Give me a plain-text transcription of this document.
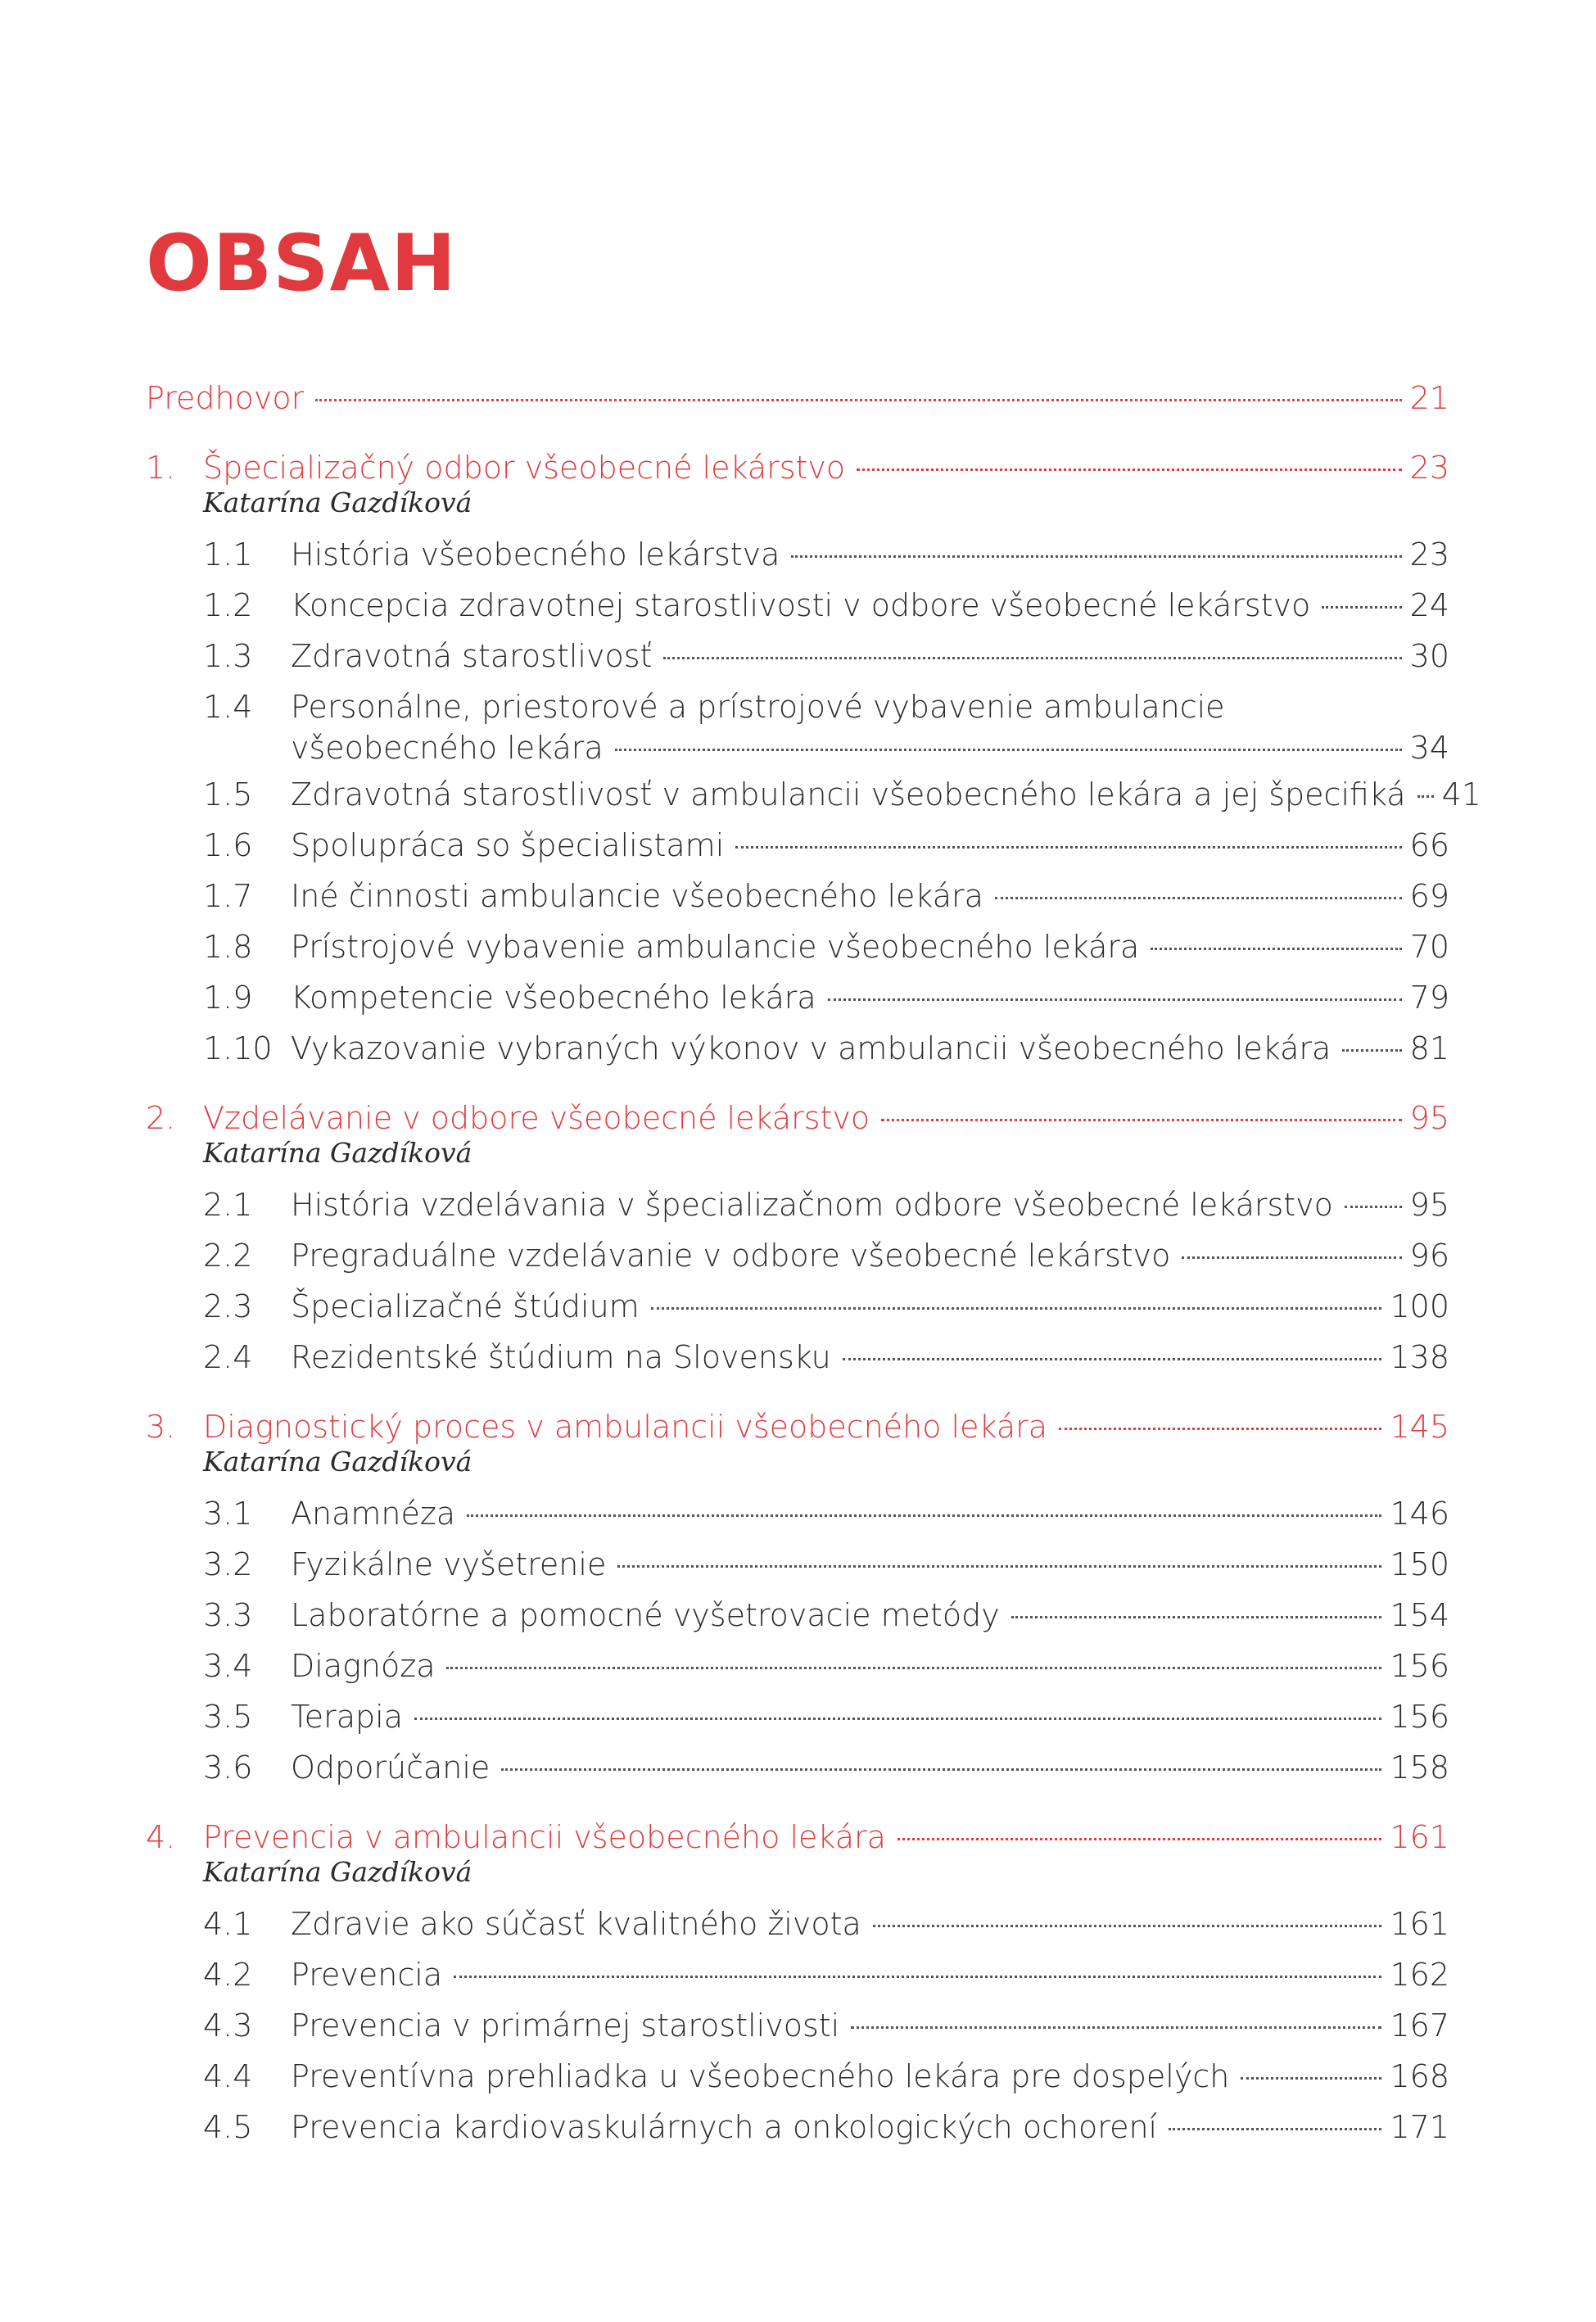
OBSAH
Predhovor	21
1. Špecializačný odbor všeobecné lekárstvo	23
Katarína Gazdíková
1.1	História všeobecného lekárstva	23
1.2	Koncepcia zdravotnej starostlivosti v odbore všeobecné lekárstvo	24
1.3	Zdravotná starostlivosť	30
1.4	Personálne, priestorové a prístrojové vybavenie ambulancie
všeobecného lekára	34
1.5	Zdravotná starostlivosť v ambulancii všeobecného lekára a jej špecifiká	41
1.6	Spolupráca so špecialistami	66
1.7	Iné činnosti ambulancie všeobecného lekára	69
1.8	Prístrojové vybavenie ambulancie všeobecného lekára	70
1.9	Kompetencie všeobecného lekára	79
1.10 Vykazovanie vybraných výkonov v ambulancii všeobecného lekára	81
2. Vzdelávanie v odbore všeobecné lekárstvo	95
Katarína Gazdíková
2.1	História vzdelávania v špecializačnom odbore všeobecné lekárstvo	95
2.2	Pregraduálne vzdelávanie v odbore všeobecné lekárstvo	96
2.3	Špecializačné štúdium	100
2.4	Rezidentské štúdium na Slovensku	138
3. Diagnostický proces v ambulancii všeobecného lekára	145
Katarína Gazdíková
3.1	Anamnéza	146
3.2	Fyzikálne vyšetrenie	150
3.3	Laboratórne a pomocné vyšetrovacie metódy	154
3.4	Diagnóza	156
3.5	Terapia	156
3.6	Odporúčanie	158
4. Prevencia v ambulancii všeobecného lekára	161
Katarína Gazdíková
4.1	Zdravie ako súčasť kvalitného života	161
4.2	Prevencia	162
4.3	Prevencia v primárnej starostlivosti	167
4.4	Preventívna prehliadka u všeobecného lekára pre dospelých	168
4.5	Prevencia kardiovaskulárnych a onkologických ochorení	171
